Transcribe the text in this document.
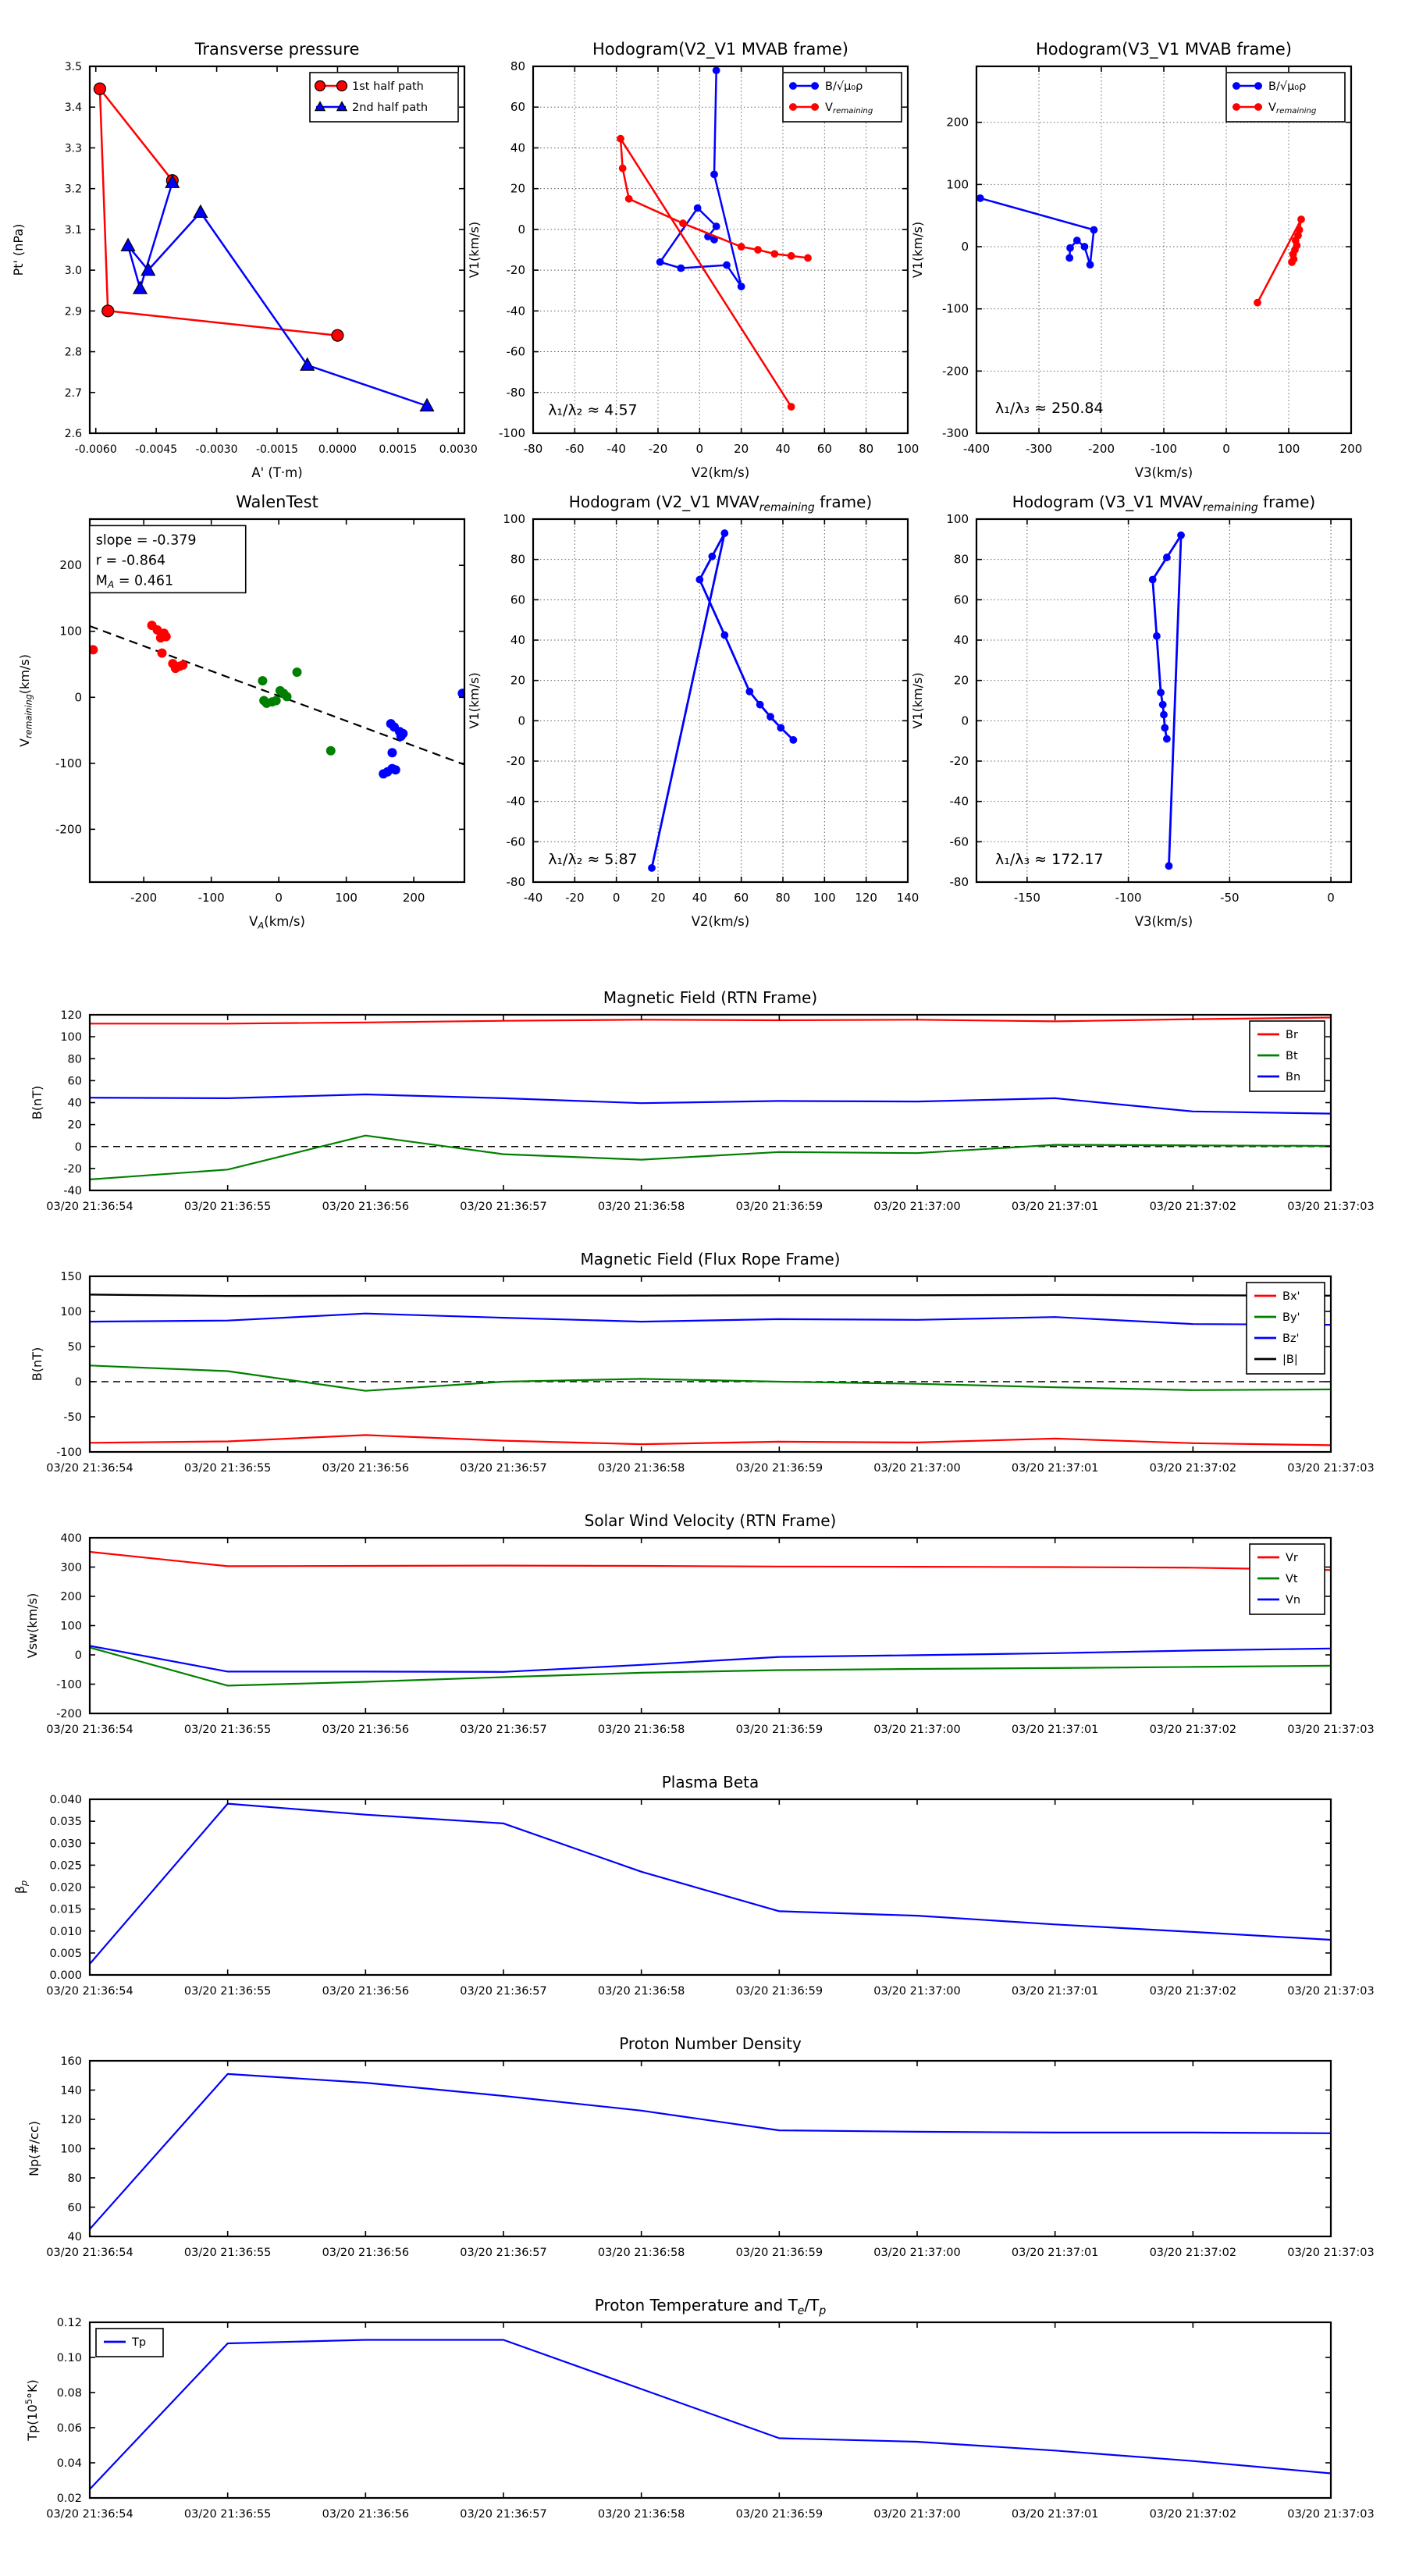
-0.0060 -0.0045 -0.0030 -0.0015 0.0000 0.0015 0.0030
2.6
2.7
2.8
2.9
3.0
3.1
3.2
3.3
3.4
3.5
A' (T·m)
Pt' (nPa)
Transverse pressure
1st half path
2nd half path
-80 -60 -40 -20 0	20 40 60 80 100
-100
-80
-60
-40
-20
0
20
40
60
80
V2(km/s)
V1(km/s)
Hodogram(V2_V1 MVAB frame)
B/√μ₀ρ
$V_{remaining}$
λ₁/λ₂ ≈ 4.57
-400	-300	-200	-100	0	100	200
-300
-200
-100
0
100
200
V3(km/s)
V1(km/s)
Hodogram(V3_V1 MVAB frame)
B/√μ₀ρ
$V_{remaining}$
λ₁/λ₃ ≈ 250.84
-200	-100	0	100	200
-200
-100
0
100
200
$V_A(km/s)$
$V_{remaining}(km/s)$
WalenTest
slope = -0.379
r = -0.864
$M_A = 0.461$
-40 -20 0	20 40 60 80 100 120 140
-80
-60
-40
-20
0
20
40
60
80
100
V2(km/s)
V1(km/s)
Hodogram (V2_V1 $MVAV_{remaining}$ frame)
λ₁/λ₂ ≈ 5.87
-150	-100	-50	0
-80
-60
-40
-20
0
20
40
60
80
100
V3(km/s)
V1(km/s)
Hodogram (V3_V1 $MVAV_{remaining}$ frame)
λ₁/λ₃ ≈ 172.17
03/20 21:36:54	03/20 21:36:55	03/20 21:36:56	03/20 21:36:57	03/20 21:36:58	03/20 21:36:59	03/20 21:37:00	03/20 21:37:01	03/20 21:37:02	03/20 21:37:03
-40
-20
0
20
40
60
80
100
120
B(nT)
Magnetic Field (RTN Frame)
Br
Bt
Bn
03/20 21:36:54	03/20 21:36:55	03/20 21:36:56	03/20 21:36:57	03/20 21:36:58	03/20 21:36:59	03/20 21:37:00	03/20 21:37:01	03/20 21:37:02	03/20 21:37:03
-100
-50
0
50
100
150
B(nT)
Magnetic Field (Flux Rope Frame)
Bx'
By'
Bz'
|B|
03/20 21:36:54	03/20 21:36:55	03/20 21:36:56	03/20 21:36:57	03/20 21:36:58	03/20 21:36:59	03/20 21:37:00	03/20 21:37:01	03/20 21:37:02	03/20 21:37:03
-200
-100
0
100
200
300
400
Vsw(km/s)
Solar Wind Velocity (RTN Frame)
Vr
Vt
Vn
03/20 21:36:54	03/20 21:36:55	03/20 21:36:56	03/20 21:36:57	03/20 21:36:58	03/20 21:36:59	03/20 21:37:00	03/20 21:37:01	03/20 21:37:02	03/20 21:37:03
0.000
0.005
0.010
0.015
0.020
0.025
0.030
0.035
0.040
$\beta_p$
Plasma Beta
03/20 21:36:54	03/20 21:36:55	03/20 21:36:56	03/20 21:36:57	03/20 21:36:58	03/20 21:36:59	03/20 21:37:00	03/20 21:37:01	03/20 21:37:02	03/20 21:37:03
40
60
80
100
120
140
160
Np(#/cc)
Proton Number Density
03/20 21:36:54	03/20 21:36:55	03/20 21:36:56	03/20 21:36:57	03/20 21:36:58	03/20 21:36:59	03/20 21:37:00	03/20 21:37:01	03/20 21:37:02	03/20 21:37:03
0.02
0.04
0.06
0.08
0.10
0.12
$Tp(10^5^\circ K)$
Proton Temperature and $T_e/T_p$
Tp
